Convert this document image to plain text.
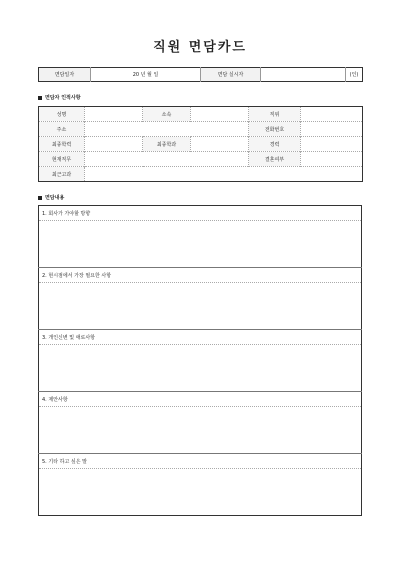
직원 면담카드
면담일자	20 년 월 일	면담 실시자		(인)
면담자 인적사항
성명		소속		직위	
주소				전화번호	
최종학력		최종학과		경력	
현재직무				결혼여부	
최근고과					
면담내용
1. 회사가 가야할 방향

2. 현시점에서 가장 필요한 사항

3. 개인신변 및 애로사항

4. 제안사항

5. 기타 하고 싶은 말
